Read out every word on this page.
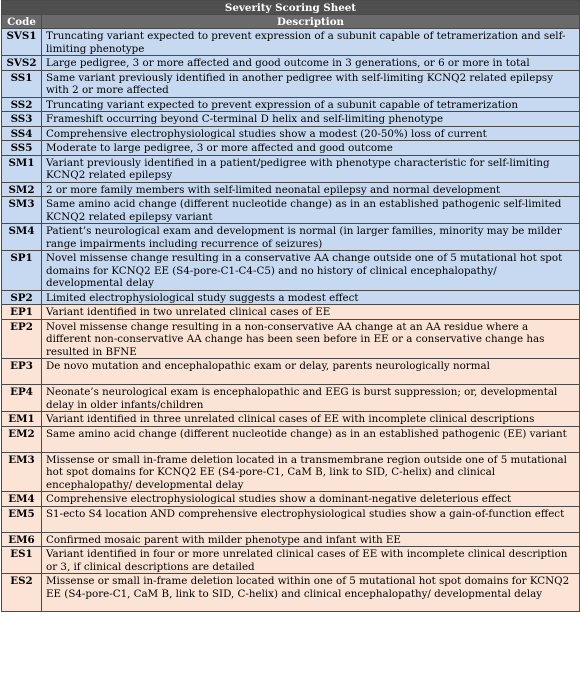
Severity Scoring Sheet	
Code	Description
SVS1	Truncating variant expected to prevent expression of a subunit capable of tetramerization and self-limiting phenotype
SVS2	Large pedigree, 3 or more affected and good outcome in 3 generations, or 6 or more in total
SS1	Same variant previously identified in another pedigree with self-limiting KCNQ2 related epilepsy with 2 or more affected
SS2	Truncating variant expected to prevent expression of a subunit capable of tetramerization
SS3	Frameshift occurring beyond C-terminal D helix and self-limiting phenotype
SS4	Comprehensive electrophysiological studies show a modest (20-50%) loss of current
SS5	Moderate to large pedigree, 3 or more affected and good outcome
SM1	Variant previously identified in a patient/pedigree with phenotype characteristic for self-limiting KCNQ2 related epilepsy
SM2	2 or more family members with self-limited neonatal epilepsy and normal development
SM3	Same amino acid change (different nucleotide change) as in an established pathogenic self-limited KCNQ2 related epilepsy variant
SM4	Patient’s neurological exam and development is normal (in larger families, minority may be milder range impairments including recurrence of seizures)
SP1	Novel missense change resulting in a conservative AA change outside one of 5 mutational hot spot domains for KCNQ2 EE (S4-pore-C1-C4-C5) and no history of clinical encephalopathy/ developmental delay
SP2	Limited electrophysiological study suggests a modest effect
EP1	Variant identified in two unrelated clinical cases of EE
EP2	Novel missense change resulting in a non-conservative AA change at an AA residue where a different non-conservative AA change has been seen before in EE or a conservative change has resulted in BFNE
EP3	De novo mutation and encephalopathic exam or delay, parents neurologically normal
EP4	Neonate’s neurological exam is encephalopathic and EEG is burst suppression; or, developmental delay in older infants/children
EM1	Variant identified in three unrelated clinical cases of EE with incomplete clinical descriptions
EM2	Same amino acid change (different nucleotide change) as in an established pathogenic (EE) variant
EM3	Missense or small in-frame deletion located in a transmembrane region outside one of 5 mutational hot spot domains for KCNQ2 EE (S4-pore-C1, CaM B, link to SID, C-helix) and clinical encephalopathy/ developmental delay
EM4	Comprehensive electrophysiological studies show a dominant-negative deleterious effect
EM5	S1-ecto S4 location AND comprehensive electrophysiological studies show a gain-of-function effect
EM6	Confirmed mosaic parent with milder phenotype and infant with EE
ES1	Variant identified in four or more unrelated clinical cases of EE with incomplete clinical description or 3, if clinical descriptions are detailed
ES2	Missense or small in-frame deletion located within one of 5 mutational hot spot domains for KCNQ2 EE (S4-pore-C1, CaM B, link to SID, C-helix) and clinical encephalopathy/ developmental delay
